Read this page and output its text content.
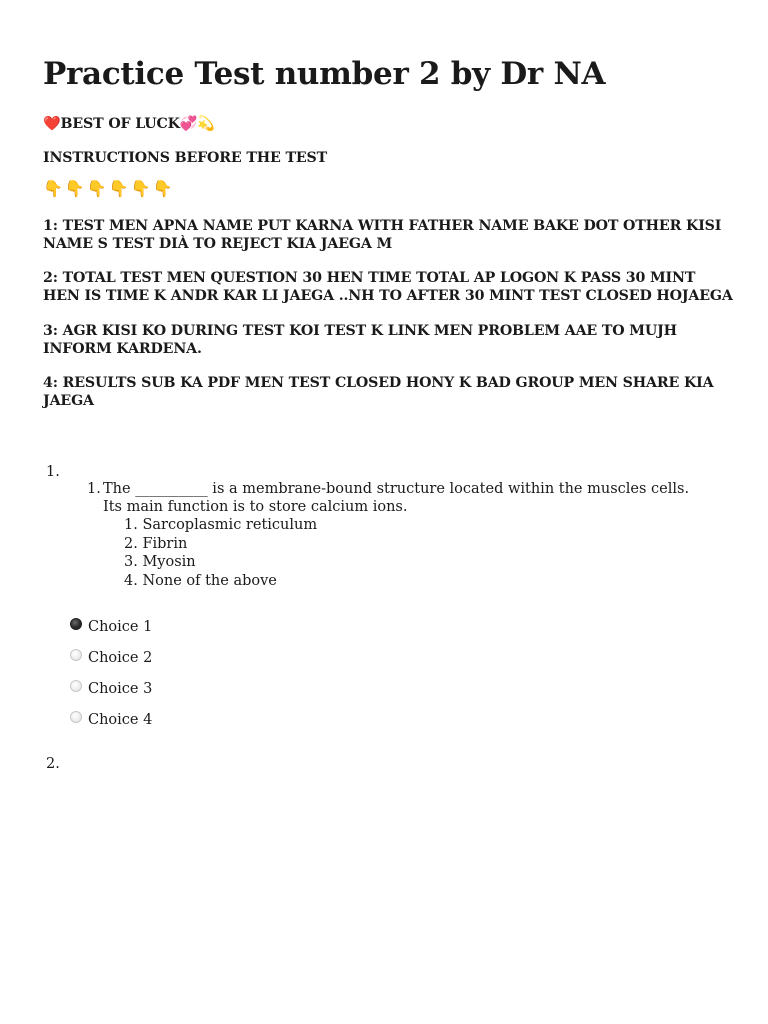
Practice Test number 2 by Dr NA

❤️BEST OF LUCK💞💫

INSTRUCTIONS BEFORE THE TEST

👇👇👇👇👇👇

1: TEST MEN APNA NAME PUT KARNA WITH FATHER NAME BAKE DOT OTHER KISI NAME S TEST DIÀ TO REJECT KIA JAEGA M

2: TOTAL TEST MEN QUESTION 30 HEN TIME TOTAL AP LOGON K PASS 30 MINT HEN IS TIME K ANDR KAR LI JAEGA ..NH TO AFTER 30 MINT TEST CLOSED HOJAEGA

3: AGR KISI KO DURING TEST KOI TEST K LINK MEN PROBLEM AAE TO MUJH INFORM KARDENA.

4: RESULTS SUB KA PDF MEN TEST CLOSED HONY K BAD GROUP MEN SHARE KIA JAEGA

1.
1. The __________ is a membrane-bound structure located within the muscles cells. Its main function is to store calcium ions.
1. Sarcoplasmic reticulum
2. Fibrin
3. Myosin
4. None of the above
Choice 1
Choice 2
Choice 3
Choice 4
2.
